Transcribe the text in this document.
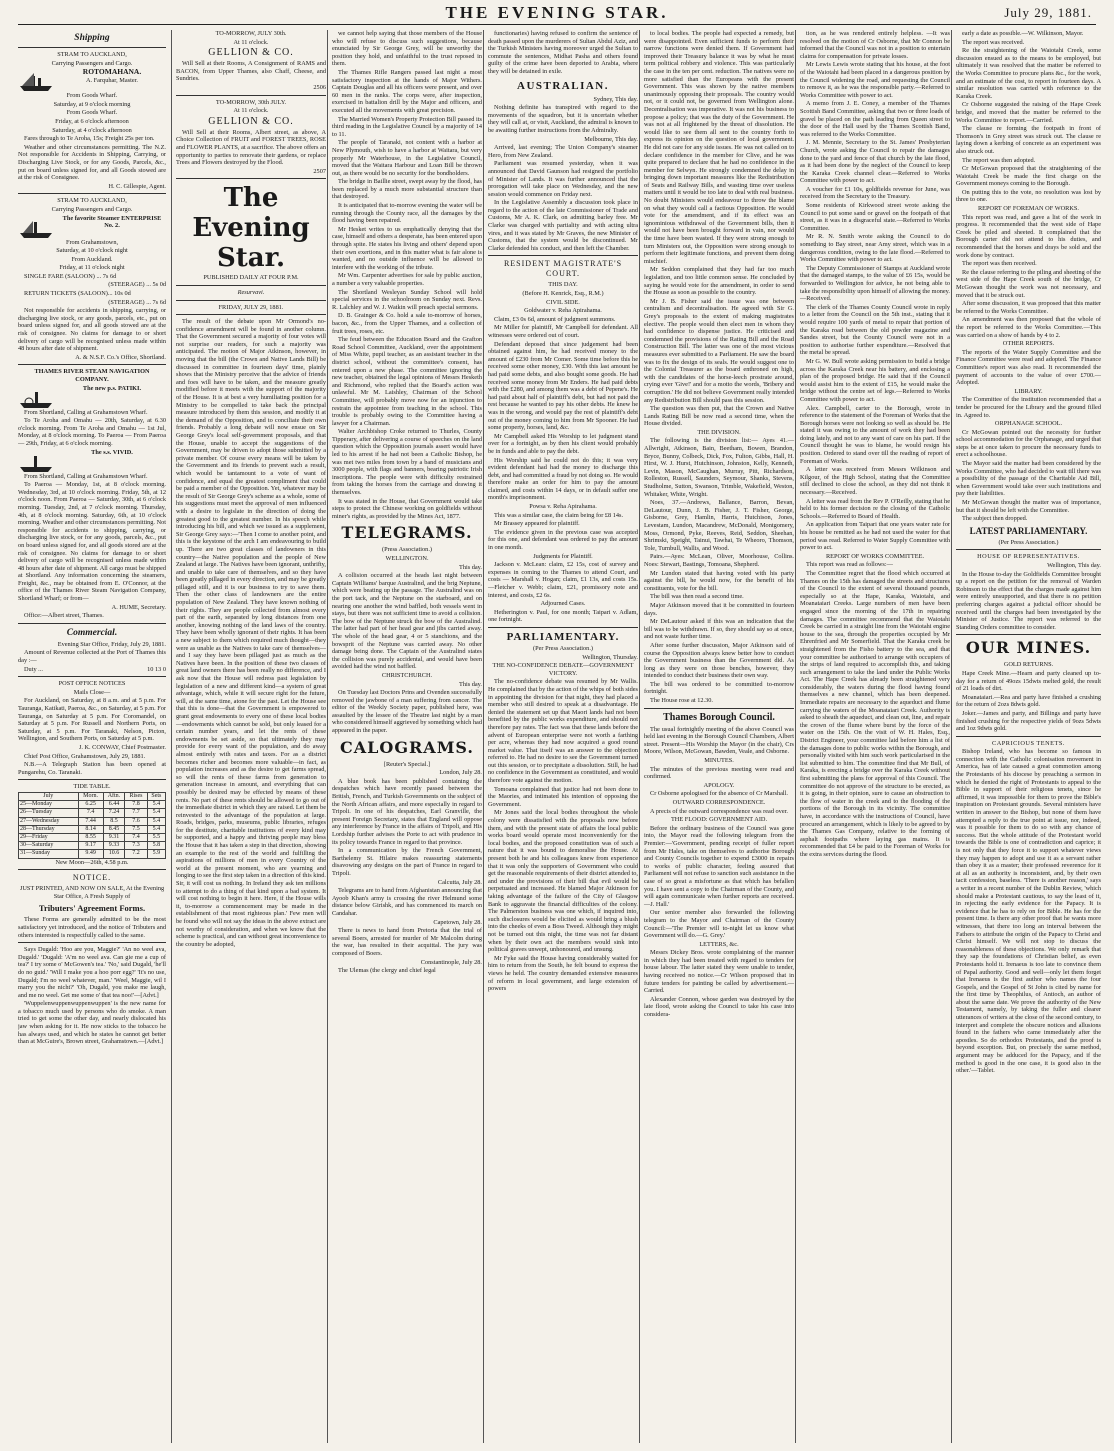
THE EVENING STAR.	July 29, 1881.
Shipping

STRAM TO AUCKLAND,

Carrying Passengers and Cargo.

ROTOMAHANA.

A. Farquhar, Master.

From Goods Wharf.

Saturday, at 9 o'clock morning

From Goods Wharf.

Friday, at 6 o'clock afternoon

Saturday, at 4 o'clock afternoon

Fares through to Te Aroha, 15s; Freight 25s per ton.

Weather and other circumstances permitting. The N.Z. Not responsible for Accidents in Shipping, Carrying, or Discharging Live Stock, or for any Goods, Parcels, &c., put on board unless signed for, and all Goods stowed are at the risk of Consignee.

H. C. Gillespie, Agent.

STRAM TO AUCKLAND,

Carrying Passengers and Cargo.

The favorite Steamer ENTERPRISE No. 2.

From Grahamstown,

Saturday, at 10 o'clock night

From Auckland.

Friday, at 11 o'clock night

SINGLE FARE (SALOON) ... 7s 6d

(STEERAGE) ... 5s 0d

RETURN TICKETS (SALOON)... 10s 0d

(STEERAGE) ... 7s 6d

Not responsible for accidents in shipping, carrying, or discharging live stock, or any goods, parcels, etc., put on board unless signed for, and all goods stowed are at the risk of consignee. No claims for damage to or short delivery of cargo will be recognised unless made within 48 hours after date of shipment.

A. & N.S.F. Co.'s Office, Shortland.

THAMES RIVER STEAM NAVIGATION COMPANY.

The new p.s. PATIKI.

From Shortland, Calling at Grahamstown Wharf.

To Te Aroha and Omahu — 20th, Saturday, at 6.30 o'clock morning. From Te Aroha and Omahu — 1st Jul, Monday, at 8 o'clock morning. To Paeroa — From Paeroa — 29th, Friday, at 6 o'clock morning.

The s.s. VIVID.

From Shortland, Calling at Grahamstown Wharf.

To Paeroa — Monday, 1st, at 8 o'clock morning. Wednesday, 3rd, at 10 o'clock morning. Friday, 5th, at 12 o'clock noon. From Paeroa — Saturday, 30th, at 6 o'clock morning. Tuesday, 2nd, at 7 o'clock morning. Thursday, 4th, at 8 o'clock morning. Saturday, 6th, at 10 o'clock morning. Weather and other circumstances permitting. Not responsible for accidents to shipping, carrying, or discharging live stock, or for any goods, parcels, &c., put on board unless signed for, and all goods stored are at the risk of consignee. No claims for damage to or short delivery of cargo will be recognised unless made within 48 hours after date of shipment. All cargo must be shipped at Shortland. Any information concerning the steamers, Freight, &c., may be obtained from E. O'Connor, at the office of the Thames River Steam Navigation Company, Shortland Wharf; or from—

A. HUME, Secretary.

Office:—Albert street, Thames.

Commercial.

Evening Star Office, Friday, July 29, 1881.

Amount of Revenue collected at the Port of Thames this day :—

Duty ...	10 13 0

POST OFFICE NOTICES

Mails Close—

For Auckland, on Saturday, at 8 a.m. and at 5 p.m. For Tauranga, Katikati, Paeroa, &c., on Saturday, at 5 p.m. For Tauranga, on Saturday at 5 p.m. For Coromandel, on Saturday at 5 p.m. For Russell and Northern Ports, on Saturday, at 5 p.m. For Taranaki, Nelson, Picton, Wellington, and Southern Ports, on Saturday at 5 p.m.

J. K. CONWAY, Chief Postmaster.

Chief Post Office, Grahamstown, July 29, 1881.

N.B.—A Telegraph Station has been opened at Pungarehu, Co. Taranaki.

TIDE TABLE.

July	Morn.	Aftn.	Rises	Sets
25—Monday	6.25	6.44	7.8	5.4
26—Tuesday	7.4	7.24	7.7	5.4
27—Wednesday	7.44	8.5	7.6	5.4
28—Thursday	8.14	8.45	7.5	5.4
29—Friday	8.55	9.31	7.4	5.5
30—Saturday	9.17	9.33	7.3	5.8
31—Sunday	9.49	10.6	7.2	5.9

New Moon—26th, 4.58 p.m.

NOTICE.

JUST PRINTED, AND NOW ON SALE, At the Evening Star Office, A Fresh Supply of

Tributers' Agreement Forms.

These Forms are generally admitted to be the most satisfactory yet introduced, and the notice of Tributers and others interested is respectfully called to the same.

Says Dugald: 'Hoo are you, Maggie?' 'An no weel ava, Dugald.' 'Dugald: 'A'm no weel ava. Can gie me a cup of tea?' I try some o' McGowen's tea.' 'No,' said Dugald, 'he'll do no guid.' 'Will I make you a hoo porr egg?' 'It's no use, Dugald; I'm no weel whatever, man.' 'Weel, Maggie, wil I marry you the nicht?' 'Oh, Dugald, you make me laugh, and me no weel. Get me some o' that tea noo!'—[Advt.]

'Wuppelenwuppenwuppenwuppen' is the new name for a tobacco much used by persons who do smoke. A man tried to get some the other day, and nearly dislocated his jaw when asking for it. He now sticks to the tobacco he has always used, and which he states he cannot get better than at McGuire's, Brown street, Grahamstown.—[Advt.]

TO-MORROW, JULY 30th.

At 11 o'clock.

GELLION & CO.

Will Sell at their Rooms, A Consignment of RAMS and BACON, from Upper Thames, also Chaff, Cheese, and Sundries.

2506

TO-MORROW, 30th JULY.

At 11 o'clock.

GELLION & CO.

Will Sell at their Rooms, Albert street, as above, A Choice Collection of FRUIT and FOREST TREES, ROSE and FLOWER PLANTS, at a sacrifice. The above offers an opportunity to parties to renovate their gardens, or replace Trees and Flowers destroyed by the Flood.

2507

The Evening Star.

PUBLISHED DAILY AT FOUR P.M.

Resurvavi.

FRIDAY, JULY 29, 1881.

The result of the debate upon Mr Ormond's no-confidence amendment will be found in another column. That the Government secured a majority of four votes will not surprise our readers, for such a majority was anticipated. The motion of Major Atkinson, however, in moving that the bill (the Crown and Native Lands Bill) be discussed in committee in fourteen days' time, plainly shows that the Ministry perceive that the advice of friends and foes will have to be taken, and the measure greatly modified before it meets with the support of the majority of the House. It is at best a very humiliating position for a Ministry to be compelled to take back the principal measure introduced by them this session, and modify it at the demand of the Opposition, and to conciliate their own friends. Probably a long debate will now ensue on Sir George Grey's local self-government proposals, and that the House, unable to accept the suggestions of the Government, may be driven to adopt those submitted by a private member. Of course every means will be taken by the Government and its friends to prevent such a result, which would be tantamount to a vote of want of confidence, and equal the greatest compliment that could be paid a member of the Opposition. Yet, whatever may be the result of Sir George Grey's scheme as a whole, some of his suggestions must meet the approval of men influenced with a desire to legislate in the direction of doing the greatest good to the greatest number. In his speech while introducing his bill, and which we issued as a supplement, Sir George Grey says:—'Then I come to another point, and this is the keystone of the arch I am endeavouring to build up. There are two great classes of landowners in this country—the Native population and the people of New Zealand at large. The Natives have been ignorant, unthrifty, and unable to take care of themselves, and so they have been greatly pillaged in every direction, and may be greatly pillaged still, and it is our business to try to save them. Then the other class of landowners are the entire population of New Zealand. They have known nothing of their rights. They are people collected from almost every part of the earth, separated by long distances from one another, knowing nothing of the land laws of the country. They have been wholly ignorant of their rights. It has been a new subject to them which required much thought—they were as unable as the Natives to take care of themselves—and I say they have been pillaged just as much as the Natives have been. In the position of these two classes of great land owners there has been really no difference, and I ask now that the House will redress past legislation by legislation of a new and different kind—a system of great advantage, which, while it will secure right for the future, will, at the same time, atone for the past. Let the House see that this is done—that the Government is empowered to grant great endowments to every one of these local bodies—endowments which cannot be sold, but only leased for a certain number years, and let the rents of these endowments be set aside, so that ultimately they may provide for every want of the population, and do away almost entirely with rates and taxes. For as a district becomes richer and becomes more valuable—in fact, as population increases and as the desire to get farms spread, so will the rents of these farms from generation to generation increase in amount, and everything that can possibly be desired may be effected by means of these rents. No part of these rents should be allowed to go out of the immediate district in which they are raised. Let them be reinvested to the advantage of the population at large. Roads, bridges, parks, museums, public libraries, refuges for the destitute, charitable institutions of every kind may be supported, and a happy and thriving people may bless the House that it has taken a step in that direction, showing an example to the rest of the world and fulfilling the aspirations of millions of men in every Country of the world at the present moment, who are yearning and longing to see the first step taken in a direction of this kind. Sir, it will cost us nothing. In Ireland they ask ten millions to attempt to do a thing of that kind upon a bad system. It will cost nothing to begin it here. Here, if the House wills it, to-morrow a commencement may be made in the establishment of that most righteous plan.' Few men will be found who will not say the ideas in the above extract are not worthy of consideration, and when we know that the scheme is practical, and can without great inconvenience to the country be adopted,

we cannot help saying that those members of the House who will refuse to discuss such suggestions, because enunciated by Sir George Grey, will be unworthy the position they hold, and unfaithful to the trust reposed in them.

The Thames Rifle Rangers passed last night a most satisfactory inspection at the hands of Major Withers. Captain Douglas and all his officers were present, and over 60 men in the ranks. The corps were, after inspection, exercised in battalion drill by the Major and officers, and executed all the movements with great precision.

The Married Women's Property Protection Bill passed its third reading in the Legislative Council by a majority of 14 to 11.

The people of Taranaki, not content with a harbor at New Plymouth, wish to have a harbor at Waitara, but very properly Mr Waterhouse, in the Legislative Council, moved that the Waitara Harbour and Loan Bill be thrown out, as there would be no security for the bondholders.

The bridge in Baillie street, swept away by the flood, has been replaced by a much more substantial structure than that destroyed.

It is anticipated that to-morrow evening the water will be running through the County race, all the damages by the flood having been repaired.

Mr Hesket writes to us emphatically denying that the case, himself and others a desperate, has been entered upon through spite. He states his living and others' depend upon their own exertions, and in this matter what is fair alone is wanted, and no outside influence will be allowed to interfere with the working of the tribute.

Mr Wm. Carpenter advertises for sale by public auction, a number a very valuable properties.

The Shortland Wesleyan Sunday School will hold special services in the schoolroom on Sunday next. Revs. R. Lalchley and W. J. Watkin will preach special sermons.

D. B. Grainger & Co. hold a sale to-morrow of horses, bacon, &c., from the Upper Thames, and a collection of fruit trees, roses, etc.

The feud between the Education Board and the Grafton Road School Committee, Auckland, over the appointment of Miss White, pupil teacher, as an assistant teacher in the district school, without the committee's consent, has entered upon a new phase. The committee ignoring the new teacher, obtained the legal opinions of Messrs Hesketh and Richmond, who replied that the Board's action was unlawful. Mr M. Laishley, Chairman of the School Committee, will probably move now for an injunction to restrain the appointee from teaching in the school. This trouble is probably owing to the Committee having a lawyer for a Chairman.

Walter Archbishop Croke returned to Thurles, County Tipperary, after delivering a course of speeches on the land question which the Opposition journals assert would have led to his arrest if he had not been a Catholic Bishop, he was met two miles from town by a band of musicians and 3000 people, with flags and banners, bearing patriotic Irish inscriptions. The people were with difficulty restrained from taking the horses from the carriage and drawing it themselves.

It was stated in the House, that Government would take steps to protect the Chinese working on goldfields without miner's rights, as provided by the Mines Act, 1877.

TELEGRAMS.

(Press Association.)

WELLINGTON.

This day.

A collision occurred at the heads last night between Captain Williams' barque Australind, and the brig Neptune, which were beating up the passage. The Australind was on the port tack, and the Neptune on the starboard, and on nearing one another the wind baffled, both vessels went in stays, but there was not sufficient time to avoid a collision. The bow of the Neptune struck the bow of the Australind. The latter had part of her head gear and jibs carried away. The whole of the head gear, 4 or 5 stanchions, and the bowsprit of the Neptune was carried away. No other damage being done. The Captain of the Australind states the collision was purely accidental, and would have been avoided had the wind not baffled.

CHRISTCHURCH.

This day.

On Tuesday last Doctors Prins and Ovenden successfully removed the jawbone of a man suffering from cancer. The editor of the Weekly Society paper, published here, was assaulted by the lessee of the Theatre last night by a man who considered himself aggrieved by something which had appeared in the paper.

CALOGRAMS.

[Reuter's Special.]

London, July 28.

A blue book has been published containing the despatches which have recently passed between the British, French, and Turkish Governments on the subject of the North African affairs, and more especially in regard to Tripoli. In one of his despatches, Earl Granville, the present Foreign Secretary, states that England will oppose any interference by France in the affairs of Tripoli, and His Lordship further advises the Porte to act with prudence in its policy towards France in regard to that province.

In a communication by the French Government, Barthelemy St. Hilaire makes reassuring statements disavowing any designs on the part of France in regard to Tripoli.

Calcutta, July 28.

Telegrams are to hand from Afghanistan announcing that Ayoob Khan's army is crossing the river Helmund some distance below Girishk, and has commenced its march on Candahar.

Capetown, July 28.

There is news to hand from Pretoria that the trial of several Boers, arrested for murder of Mr Malcolm during the war, has resulted in their acquittal. The jury was composed of Boers.

Constantinople, July 28.

The Ulemas (the clergy and chief legal

functionaries) having refused to confirm the sentence of death passed upon the murderers of Sultan Abdul Aziz, and the Turkish Ministers having moreover urged the Sultan to commute the sentences, Midhat Pasha and others found guilty of the crime have been deported to Arabia, where they will be detained in exile.

AUSTRALIAN.

Sydney, This day.

Nothing definite has transpired with regard to the movements of the squadron, but it is uncertain whether they will call at, or visit, Auckland, the admiral is known to be awaiting further instructions from the Admiralty.

Melbourne, This day.

Arrived, last evening; The Union Company's steamer Hero, from New Zealand.

Parliament was resumed yesterday, when it was announced that David Gaunson had resigned the portfolio of Minister of Lands. It was further announced that the prorogation will take place on Wednesday, and the new session would commence on Friday next.

In the Legislative Assembly a discussion took place in regard to the action of the late Commissioner of Trade and Customs, Mr A. K. Clark, on admitting barley free. Mr Clarke was charged with partiality and with acting ultra vires, and it was stated by Mr Graves, the new Minister of Customs, that the system would be discontinued. Mr Clarke defended his conduct, and then left the Chamber.

RESIDENT MAGISTRATE'S COURT.

THIS DAY.

(Before H. Kenrick, Esq., R.M.)

CIVIL SIDE.

Goldwater v. Reha Apirahama.

Claim, £3 0s 6d, amount of judgment summons.

Mr Miller for plaintiff, Mr Campbell for defendant. All witnesses were ordered out of court.

Defendant deposed that since judgement had been obtained against him, he had received money to the amount of £230 from Mr Comer. Some time before this he received some other money, £30. With this last amount he had paid some debts, and also bought some goods. He had received some money from Mr Enders. He had paid debts with the £280, and among them was a debt of Pepene's. He had paid about half of plaintiff's debt, but had not paid the rest because he wanted to pay his other debts. He knew he was in the wrong, and would pay the rest of plaintiff's debt out of the money coming to him from Mr Spooner. He had some property, horses, land, &c.

Mr Campbell asked His Worship to let judgment stand over for a fortnight, as by then his client would probably be in funds and able to pay the debt.

His Worship said he could not do this; it was very evident defendant had had the money to discharge this debt, and had committed a fraud by not doing so. He would therefore make an order for him to pay the amount claimed, and costs within 14 days, or in default suffer one month's imprisonment.

Powsa v. Reha Apirahama.

This was a similar case, the claim being for £8 14s.

Mr Brassey appeared for plaintiff.

The evidence given in the previous case was accepted for this one, and defendant was ordered to pay the amount in one month.

Judgments for Plaintiff.

Jackson v. McLean: claim, £2 15s, cost of survey and expenses in coming to the Thames to attend Court, and costs — Marshall v. Hogan; claim, £1 13s, and costs 15s.—Fletcher v. Webb; claim, £21, promissory note and interest, and costs, £2 6s.

Adjourned Cases.

Hetherington v. Paul, for one month; Taipari v. Adlam, one fortnight.

PARLIAMENTARY.

(Per Press Association.)

Wellington, Thursday.

THE NO-CONFIDENCE DEBATE—GOVERNMENT VICTORY.

The no-confidence debate was resumed by Mr Wallis. He complained that by the action of the whips of both sides in appointing the division for that night, they had placed a member who still desired to speak at a disadvantage. He denied the statement set up that Maori lands had not been benefited by the public works expenditure, and should not therefore pay rates. The fact was that these lands before the advent of European enterprise were not worth a farthing per acre, whereas they had now acquired a good round market value. That itself was an answer to the objection referred to. He had no desire to see the Government turned out this session, or to precipitate a dissolution. Still, he had no confidence in the Government as constituted, and would therefore vote against the motion.

Tomoana complained that justice had not been done to the Maories, and intimated his intention of opposing the Government.

Mr Jones said the local bodies throughout the whole colony were dissatisfied with the proposals now before them, and with the present state of affairs the local public works board would operate most inconveniently for the local bodies, and the proposed constitution was of such a nature that it was bound to demoralise the House. At present both he and his colleagues knew from experience that it was only the supporters of Government who could get the reasonable requirements of their district attended to, and under the provisions of their bill that evil would be perpetuated and increased. He blamed Major Atkinson for taking advantage of the failure of the City of Glasgow Bank to aggravate the financial difficulties of the colony. The Palmerston business was one which, if inquired into, such disclosures would be elicited as would bring a blush into the cheeks of even a Boss Tweed. Although they might not be turned out this night, the time was not far distant when by their own act the members would sink into political graves unwept, unhonoured, and unsung.

Mr Fyke said the House having considerably waited for him to return from the South, he felt bound to express the views he held. The country demanded extensive measures of reform in local government, and large extension of powers

to local bodies. The people had expected a remedy, but were disappointed. Even sufficient funds to perform their narrow functions were denied them. If Government had improved their Treasury balance it was by what he must term political robbery and violence. This was particularly the case in the ten per cent. reduction. The natives were no more satisfied than the Europeans with the present Government. This was shown by the native members unanimously opposing their proposals. The country would not, or it could not, be governed from Wellington alone. Decentralisation was imperative. It was not his business to propose a policy; that was the duty of the Government. He was not at all frightened by the threat of dissolution. He would like to see them all sent to the country forth to express its opinion on the question of local government. He did not care for any side issues. He was not called on to declare confidence in the member for Clive, and he was quite prepared to declare that he had no confidence in the member for Selwyn. He strongly condemned the delay in bringing down important measures like the Redistribution of Seats and Railway Bills, and wasting time over useless matters until it would be too late to deal with real business. No doubt Ministers would endeavour to throw the blame on what they would call a factious Opposition. He would vote for the amendment, and if its effect was an ignominious withdrawal of the Government bills, then it would not have been brought forward in vain, nor would the time have been wasted. If they were strong enough to turn Ministers out, the Opposition were strong enough to perform their legitimate functions, and prevent them doing mischief.

Mr Seddon complained that they had far too much legislation, and too little common sense. He concluded by saying he would vote for the amendment, in order to send the House as soon as possible to the country.

Mr J. B. Fisher said the issue was one between centralism and decentralisation. He agreed with Sir G. Grey's proposals to the extent of making magistrates elective. The people would then elect men in whom they had confidence to dispense justice. He criticised and condemned the provisions of the Rating Bill and the Road Construction Bill. The latter was one of the most vicious measures ever submitted to a Parliament. He saw the board was to fix the design of its seals. He would suggest one to the Colonial Treasurer as the board enthroned on high, with the candidates of the horse-leech prostrate around, crying ever 'Give!' and for a motto the words, 'Bribery and corruption.' He did not believe Government really intended any Redistribution Bill should pass this session.

The question was then put, that the Crown and Native Lands Rating Bill be now read a second time, when the House divided.

THE DIVISION.

The following is the division list:— Ayes 41.—Allwright, Atkinson, Bain, Beetham, Bowen, Brandon, Bryce, Bunny, Colbeck, Dick, Fox, Fulton, Gibbs, Hall, H. Hirst, W. J. Hurst, Hutchinson, Johnston, Kelly, Kenneth, Levin, Mason, McCaughan, Murray, Pitt, Richardson, Rolleston, Russell, Saunders, Seymour, Shanks, Stevens, Studholme, Sutton, Swanson, Trimble, Wakefield, Weston, Whitaker, White, Wright.

Noes, 37.—Andrews, Ballance, Barron, Bevan, DeLautour, Dunn, J. B. Fisher, J. T. Fisher, George, Gisborne, Grey, Hamlin, Harris, Hutchison, Jones, Levestam, Lundon, Macandrew, McDonald, Montgomery, Moss, Ormond, Pyke, Reeves, Reid, Seddon, Sheehan, Shrimski, Speight, Tainui, Tawhai, Te Wheoro, Thomson, Tole, Turnbull, Wallis, and Wood.

Pairs.—Ayes: McLean, Oliver, Moorhouse, Collins. Noes: Stewart, Bastings, Tomoana, Shepherd.

Mr Lundon stated that having voted with his party against the bill, he would now, for the benefit of his constituents, vote for the bill.

The bill was then read a second time.

Major Atkinson moved that it be committed in fourteen days.

Mr DeLautour asked if this was an indication that the bill was to be withdrawn. If so, they should say so at once, and not waste further time.

After some further discussion, Major Atkinson said of course the Opposition always knew better how to conduct the Government business than the Government did. As long as they were on those benches, however, they intended to conduct their business their own way.

The bill was ordered to be committed to-morrow fortnight.

The House rose at 12.30.

Thames Borough Council.

The usual fortnightly meeting of the above Council was held last evening in the Borough Council Chambers, Albert street. Present—His Worship the Mayor (in the chair), Crs Moore, Wilson, McGowan, Bawden, Veale, and Osborne.

MINUTES.

The minutes of the previous meeting were read and confirmed.

APOLOGY.

Cr Osborne apologised for the absence of Cr Marshall.

OUTWARD CORRESPONDENCE.

A precis of the outward correspondence was read over.

THE FLOOD: GOVERNMENT AID.

Before the ordinary business of the Council was gone into, the Mayor read the following telegram from the Premier:—'Government, pending receipt of fuller report from Mr Hales, take on themselves to authorise Borough and County Councils together to expend £3000 in repairs to works of public character, feeling assured that Parliament will not refuse to sanction such assistance in the case of so great a misfortune as that which has befallen you. I have sent a copy to the Chairman of the County, and will again communicate when further reports are received.—J. Hall.'

Our senior member also forwarded the following telegram to the Mayor and Chairman of the County Council:—'The Premier will to-night let us know what Government will do.—G. Grey.'

LETTERS, &c.

Messrs Dickey Bros. wrote complaining of the manner in which they had been treated with regard to tenders for house labour. The latter stated they were unable to tender, having received no notice.—Cr Wilson proposed that in future tenders for painting be called by advertisement.—Carried.

Alexander Connon, whose garden was destroyed by the late flood, wrote asking the Council to take his case into considera-

tion, as he was rendered entirely helpless. —It was resolved on the motion of Cr Osborne, that Mr Connon be informed that the Council was not in a position to entertain claims for compensation for private losses.

Mr Lewis Lewis wrote stating that his house, at the foot of the Waiotahi had been placed in a dangerous position by the Council widening the road, and requesting the Council to remove it, as he was the responsible party.—Referred to Works Committee with power to act.

A memo from J. E. Coney, a member of the Thames Scottish Band Committee, asking that two or three loads of gravel be placed on the path leading from Queen street to the door of the Hall used by the Thames Scottish Band, was referred to the Works Committee.

J. M. Mennie, Secretary to the St. James' Presbyterian Church, wrote asking the Council to repair the damages done to the yard and fence of that church by the late flood, as it had been done by the neglect of the Council to keep the Karaka Creek channel clear.—Referred to Works Committee with power to act.

A voucher for £1 10s, goldfields revenue for June, was received from the Secretary to the Treasury.

Some residents of Kirkwood street wrote asking the Council to put some sand or gravel on the footpath of that street, as it was in a disgraceful state.—Referred to Works Committee.

Mr R. N. Smith wrote asking the Council to do something to Bay street, near Amy street, which was in a dangerous condition, owing to the late flood.—Referred to Works Committee with power to act.

The Deputy Commissioner of Stamps at Auckland wrote that the damaged stamps, to the value of £6 15s, would be forwarded to Wellington for advice, he not being able to take the responsibility upon himself of allowing the money.—Received.

The clerk of the Thames County Council wrote in reply to a letter from the Council on the 5th inst., stating that it would require 100 yards of metal to repair that portion of the Karaka road between the old powder magazine and Sandes street, but the County Council were not in a position to authorise further expenditure.—Resolved that the metal be spread.

Mr G. W. Bull wrote asking permission to build a bridge across the Karaka Creek near his battery, and enclosing a plan of the proposed bridge. He said that if the Council would assist him to the extent of £15, he would make the bridge without the centre set of legs.—Referred to Works Committee with power to act.

Alex. Campbell, carter to the Borough, wrote in reference to the statement of the Foreman of Works that the Borough horses were not looking so well as should be. He stated it was owing to the amount of work they had been doing lately, and not to any want of care on his part. If the Council thought he was to blame, he would resign his position. Ordered to stand over till the reading of report of Foreman of Works.

A letter was received from Messrs Wilkinson and Kilgour, of the High School, stating that the Committee still declined to close the school, as they did not think it necessary.—Received.

A letter was read from the Rev P. O'Reilly, stating that he held to his former decision re the closing of the Catholic Schools.—Referred to Board of Health.

An application from Taipari that one years water rate for his house be remitted as he had not used the water for that period was read. Referred to Water Supply Committee with power to act.

REPORT OF WORKS COMMITTEE.

This report was read as follows:—

The Committee regret that the flood which occurred at Thames on the 15th has damaged the streets and structures of the Council to the extent of several thousand pounds, especially so at the Hape, Karaka, Waiotahi, and Moanataiari Creeks. Large numbers of men have been engaged since the morning of the 17th in repairing damages. The committee recommend that the Waiotahi Creek be carried in a straight line from the Waiotahi engine house to the sea, through the properties occupied by Mr Ehrenfried and Mr Somerfield. That the Karaka creek be straightened from the Fisho battery to the sea, and that your committee be authorised to arrange with occupiers of the strips of land required to accomplish this, and taking such arrangement to take the land under the Public Works Act. The Hape Creek has already been straightened very considerably, the waters during the flood having found themselves a new channel, which has been deepened. Immediate repairs are necessary to the aqueduct and flume carrying the waters of the Moanataiari Creek. Authority is asked to sheath the aqueduct, and clean out, line, and repair the crown of the flume where burst by the force of the water on the 15th. On the visit of W. H. Hales, Esq., District Engineer, your committee laid before him a list of the damages done to public works within the Borough, and personally visited with him such work particularised in the list submitted to him. The committee find that Mr Bull, of Karaka, is erecting a bridge over the Karaka Creek without first submitting the plans for approval of this Council. The committee do not approve of the structure to be erected, as it is going, in their opinion, sure to cause an obstruction to the flow of water in the creek and to the flooding of the portions of the Borough in its vicinity. The committee have, in accordance with the instructions of Council, have procured an arrangement, which is likely to be agreed to by the Thames Gas Company, relative to the forming of asphalt footpaths where laying gas mains. It is recommended that £4 be paid to the Foreman of Works for the extra services during the flood.

early a date as possible.—W. Wilkinson, Mayor.

The report was received.

Re the straightening of the Waiotahi Creek, some discussion ensued as to the means to be employed, but ultimately it was resolved that the matter be referred to the Works Committee to procure plans &c., for the work, and an estimate of the cost, to report in fourteen days. A similar resolution was carried with reference to the Karaka Creek.

Cr Osborne suggested the raising of the Hape Creek bridge, and moved that the matter be referred to the Works Committee to report.—Carried.

The clause re forming the footpath in front of Thomson's in Grey street was struck out. The clause re laying down a kerbing of concrete as an experiment was also struck out.

The report was then adopted.

Cr McGowan proposed that the straightening of the Waiotahi Creek be made the first charge on the Government moneys coming to the Borough.

On putting this to the vote, no resolution was lost by three to one.

REPORT OF FOREMAN OF WORKS.

This report was read, and gave a list of the work in progress. It recommended that the west side of Hape Creek be piled and sheeted. It complained that the Borough carter did not attend to his duties, and recommended that the horses and drays be sold and the work done by contract.

The report was then received.

Re the clause referring to the piling and sheeting of the west side of the Hape Creek south of the bridge, Cr McGowan thought the work was not necessary, and moved that it be struck out.

After some discussion, it was proposed that this matter be referred to the Works Committee.

An amendment was then proposed that the whole of the report be referred to the Works Committee.—This was carried on a show of hands by 4 to 2.

OTHER REPORTS.

The reports of the Water Supply Committee and the Finance Committee were read and adopted. The Finance Committee's report was also read. It recommended the payment of accounts to the value of over £700.—Adopted.

LIBRARY.

The Committee of the institution recommended that a tender be procured for the Library and the ground filled in. Agreed to.

ORPHANAGE SCHOOL.

Cr McGowan pointed out the necessity for further school accommodation for the Orphanage, and urged that steps be at once taken to procure the necessary funds to erect a schoolhouse.

The Mayor said the matter had been considered by the Works Committee, who had decided to wait till there was a possibility of the passage of the Charitable Aid Bill, when Government would take over such institutions and pay their liabilities.

Mr McGowan thought the matter was of importance, but that it should be left with the Committee.

The subject then dropped.

LATEST PARLIAMENTARY.

(Per Press Association.)

HOUSE OF REPRESENTATIVES.

Wellington, This day.

In the House to-day the Goldfields Committee brought up a report on the petition for the removal of Warden Robinson to the effect that the charges made against him were entirely unsupported, and that there is no petition preferring charges against a judicial officer should be received until the charges had been investigated by the Minister of Justice. The report was referred to the Standing Orders committee to consider.

OUR MINES.

GOLD RETURNS.

Hape Creek Mine.—Hearn and party cleaned up to-day for a return of 49ozs 15dwts melted gold, the result of 21 loads of dirt.

Moanataiari.—Rea and party have finished a crushing for the return of 2ozs 8dwts gold.

Joker.—James and party, and Billings and party have finished crushing for the respective yields of 9ozs 5dwts and 1oz 9dwts gold.

CAPRICIOUS TENETS.

Bishop Ireland, who has become so famous in connection with the Catholic colonisation movement in America, has of late caused a great commotion among the Protestants of his diocese by preaching a sermon in which he denied the right of Protestants to appeal to the Bible in support of their religious tenets, since he affirmed, it was impossible for them to prove the Bible's inspiration on Protestant grounds. Several ministers have written in answer to the Bishop, but none of them have attempted a reply to the true point at issue, nor, indeed, was it possible for them to do so with any chance of success. But the whole attitude of the Protestant world towards the Bible is one of contradiction and caprice; it is not only that they force it to support whatever views they may happen to adopt and use it as a servant rather than obey it as a master; their professed reverence for it at all as an authority is inconsistent, and, by their own tacit confession, baseless. 'There is another reason,' says a writer in a recent number of the Dublin Review, 'which should make a Protestant cautious, to say the least of it, in rejecting the early evidence for the Papacy. It is evidence that he has to rely on for Bible. He has for the present time. Is there any other proof that he wants more witnesses, that there too long an interval between the Fathers to attribute the origin of the Papacy to Christ and Christ himself. We will not stop to discuss the reasonableness of these objections. We only remark that they sap the foundations of Christian belief, as even Protestants hold it. Irenaeus is too late to convince them of Papal authority. Good and well—only let them forget that Irenaeus is the first author who names the four Gospels, and the Gospel of St John is cited by name for the first time by Theophilus, of Antioch, an author of about the same date. We prove the authority of the New Testament, namely, by taking the fuller and clearer utterances of writers at the close of the second century, to interpret and complete the obscure notices and allusions found in the fathers who came immediately after the apostles. So do orthodox Protestants, and the proof is beyond exception. But, on precisely the same method, argument may be adduced for the Papacy, and if the method is good in the one case, it is good also in the other.'—Tablet.
